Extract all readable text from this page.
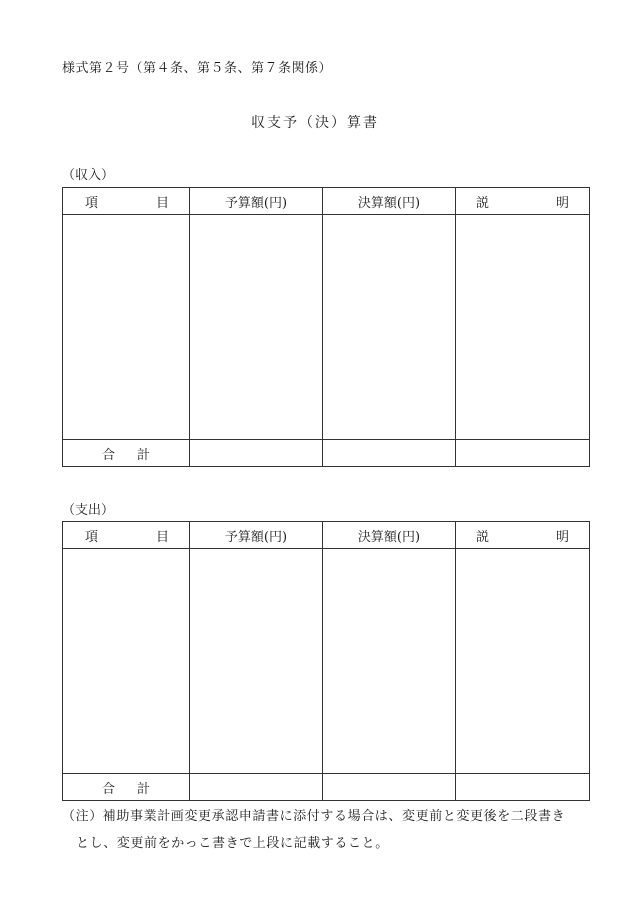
様式第２号（第４条、第５条、第７条関係）
収支予（決）算書
（収入）
項 目	予算額(円)	決算額(円)	説 明

合 計			
（支出）
項 目	予算額(円)	決算額(円)	説 明

合 計			
（注）補助事業計画変更承認申請書に添付する場合は、変更前と変更後を二段書き
とし、変更前をかっこ書きで上段に記載すること。
